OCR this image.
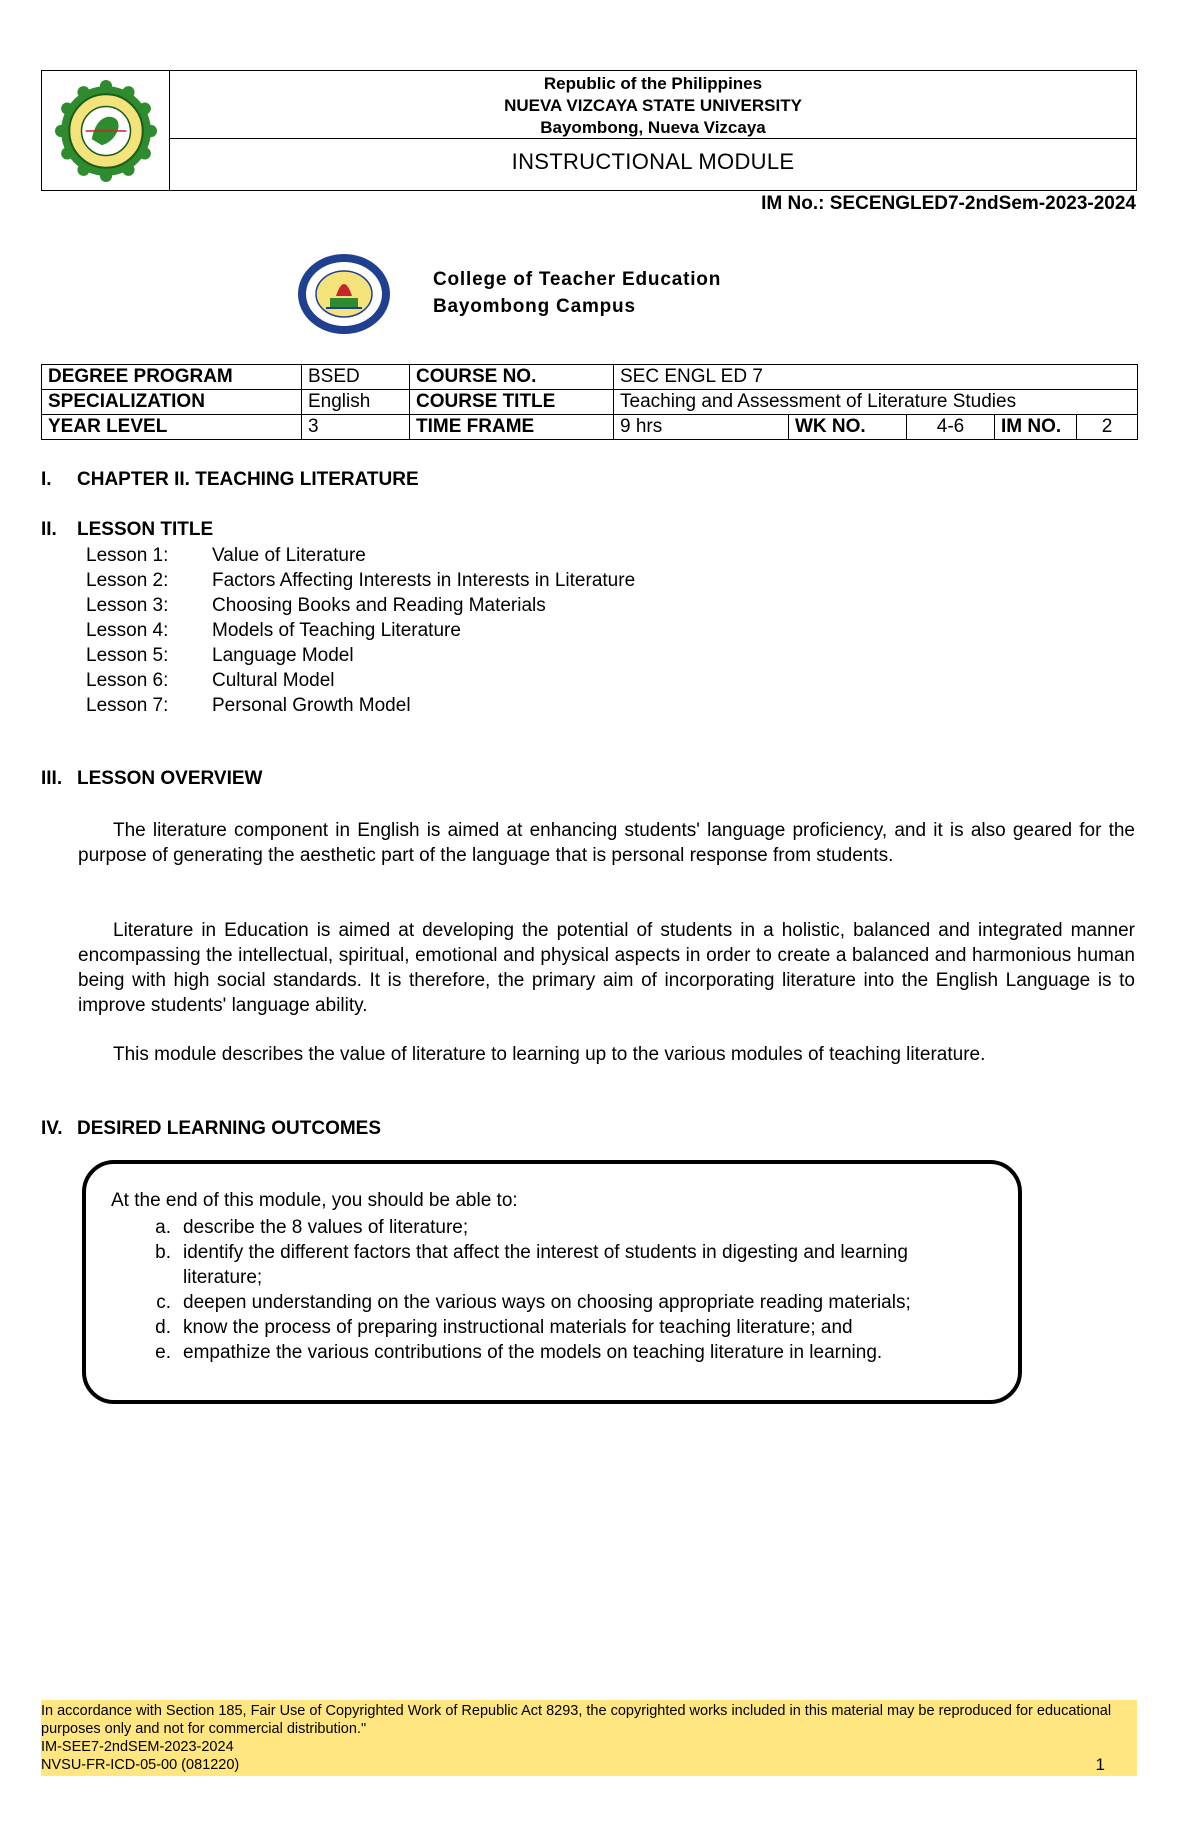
Republic of the Philippines
NUEVA VIZCAYA STATE UNIVERSITY
Bayombong, Nueva Vizcaya
INSTRUCTIONAL MODULE
IM No.: SECENGLED7-2ndSem-2023-2024
College of Teacher Education
Bayombong Campus
DEGREE PROGRAM	BSED	COURSE NO.	SEC ENGL ED 7				
SPECIALIZATION	English	COURSE TITLE	Teaching and Assessment of Literature Studies				
YEAR LEVEL	3	TIME FRAME	9 hrs	WK NO.	4-6	IM NO.	2
I. CHAPTER II. TEACHING LITERATURE
II. LESSON TITLE
Lesson 1: Value of Literature
Lesson 2: Factors Affecting Interests in Interests in Literature
Lesson 3: Choosing Books and Reading Materials
Lesson 4: Models of Teaching Literature
Lesson 5: Language Model
Lesson 6: Cultural Model
Lesson 7: Personal Growth Model
III. LESSON OVERVIEW
The literature component in English is aimed at enhancing students' language proficiency, and it is also geared for the purpose of generating the aesthetic part of the language that is personal response from students.
Literature in Education is aimed at developing the potential of students in a holistic, balanced and integrated manner encompassing the intellectual, spiritual, emotional and physical aspects in order to create a balanced and harmonious human being with high social standards. It is therefore, the primary aim of incorporating literature into the English Language is to improve students' language ability.
This module describes the value of literature to learning up to the various modules of teaching literature.
IV. DESIRED LEARNING OUTCOMES
At the end of this module, you should be able to:
a. describe the 8 values of literature;
b. identify the different factors that affect the interest of students in digesting and learning literature;
c. deepen understanding on the various ways on choosing appropriate reading materials;
d. know the process of preparing instructional materials for teaching literature; and
e. empathize the various contributions of the models on teaching literature in learning.
In accordance with Section 185, Fair Use of Copyrighted Work of Republic Act 8293, the copyrighted works included in this material may be reproduced for educational purposes only and not for commercial distribution."
IM-SEE7-2ndSEM-2023-2024
NVSU-FR-ICD-05-00 (081220)	1
